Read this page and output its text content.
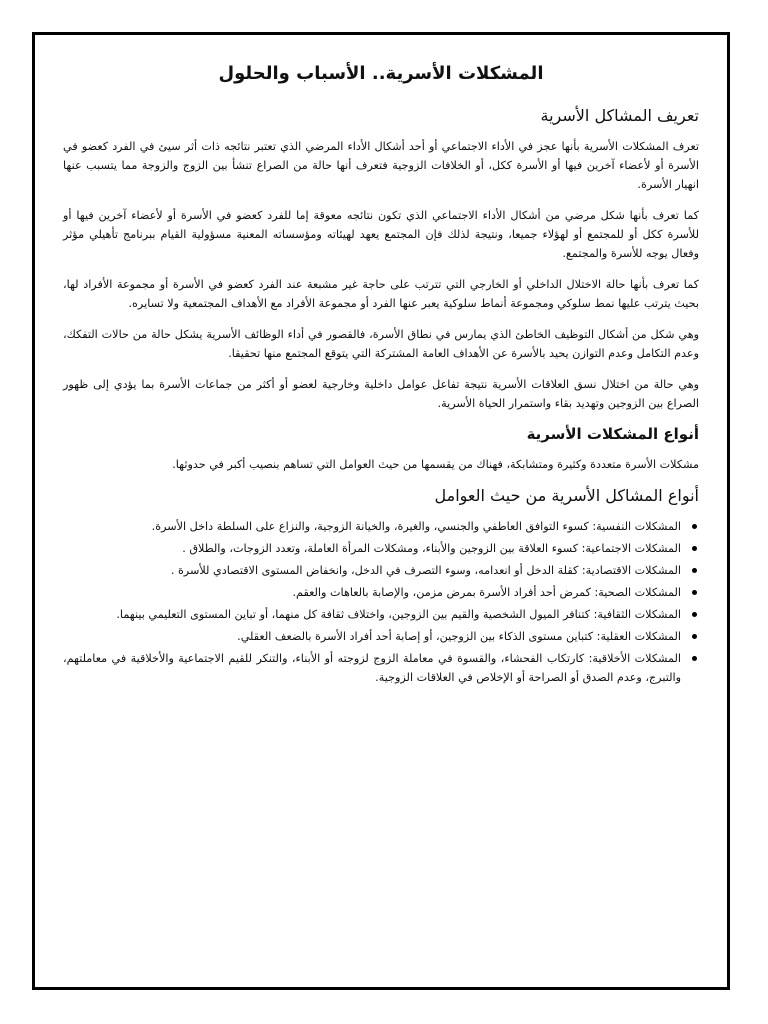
المشكلات الأسرية.. الأسباب والحلول
تعريف المشاكل الأسرية

تعرف المشكلات الأسرية بأنها عجز في الأداء الاجتماعي أو أحد أشكال الأداء المرضي الذي تعتبر نتائجه ذات أثر سيئ في الفرد كعضو في الأسرة أو لأعضاء آخرين فيها أو الأسرة ككل، أو الخلافات الزوجية فتعرف أنها حالة من الصراع تنشأ بين الزوج والزوجة مما يتسبب عنها انهيار الأسرة.

كما تعرف بأنها شكل مرضي من أشكال الأداء الاجتماعي الذي تكون نتائجه معوقة إما للفرد كعضو في الأسرة أو لأعضاء آخرين فيها أو للأسرة ككل أو للمجتمع أو لهؤلاء جميعا، ونتيجة لذلك فإن المجتمع يعهد لهيئاته ومؤسساته المعنية مسؤولية القيام ببرنامج تأهيلي مؤثر وفعال يوجه للأسرة والمجتمع.

كما تعرف بأنها حالة الاختلال الداخلي أو الخارجي التي تترتب على حاجة غير مشبعة عند الفرد كعضو في الأسرة أو مجموعة الأفراد لها، بحيث يترتب عليها نمط سلوكي ومجموعة أنماط سلوكية يعبر عنها الفرد أو مجموعة الأفراد مع الأهداف المجتمعية ولا تسايره.

وهي شكل من أشكال التوظيف الخاطئ الذي يمارس في نطاق الأسرة، فالقصور في أداء الوظائف الأسرية يشكل حالة من حالات التفكك، وعدم التكامل وعدم التوازن يحيد بالأسرة عن الأهداف العامة المشتركة التي يتوقع المجتمع منها تحقيقا.

وهي حالة من اختلال نسق العلاقات الأسرية نتيجة تفاعل عوامل داخلية وخارجية لعضو أو أكثر من جماعات الأسرة بما يؤدي إلى ظهور الصراع بين الزوجين وتهديد بقاء واستمرار الحياة الأسرية.

أنواع المشكلات الأسرية

مشكلات الأسرة متعددة وكثيرة ومتشابكة، فهناك من يقسمها من حيث العوامل التي تساهم بنصيب أكبر في حدوثها.

أنواع المشاكل الأسرية من حيث العوامل
المشكلات النفسية: كسوء التوافق العاطفي والجنسي، والغيرة، والخيانة الزوجية، والنزاع على السلطة داخل الأسرة.
المشكلات الاجتماعية: كسوء العلاقة بين الزوجين والأبناء، ومشكلات المرأة العاملة، وتعدد الزوجات، والطلاق .
المشكلات الاقتصادية: كقلة الدخل أو انعدامه، وسوء التصرف في الدخل، وانخفاض المستوى الاقتصادي للأسرة .
المشكلات الصحية: كمرض أحد أفراد الأسرة بمرض مزمن، والإصابة بالعاهات والعقم.
المشكلات الثقافية: كتنافر الميول الشخصية والقيم بين الزوجين، واختلاف ثقافة كل منهما، أو تباين المستوى التعليمي بينهما.
المشكلات العقلية: كتباين مستوى الذكاء بين الزوجين، أو إصابة أحد أفراد الأسرة بالضعف العقلي.
المشكلات الأخلاقية: كارتكاب الفحشاء، والقسوة في معاملة الزوج لزوجته أو الأبناء، والتنكر للقيم الاجتماعية والأخلاقية في معاملتهم، والتبرج، وعدم الصدق أو الصراحة أو الإخلاص في العلاقات الزوجية.
